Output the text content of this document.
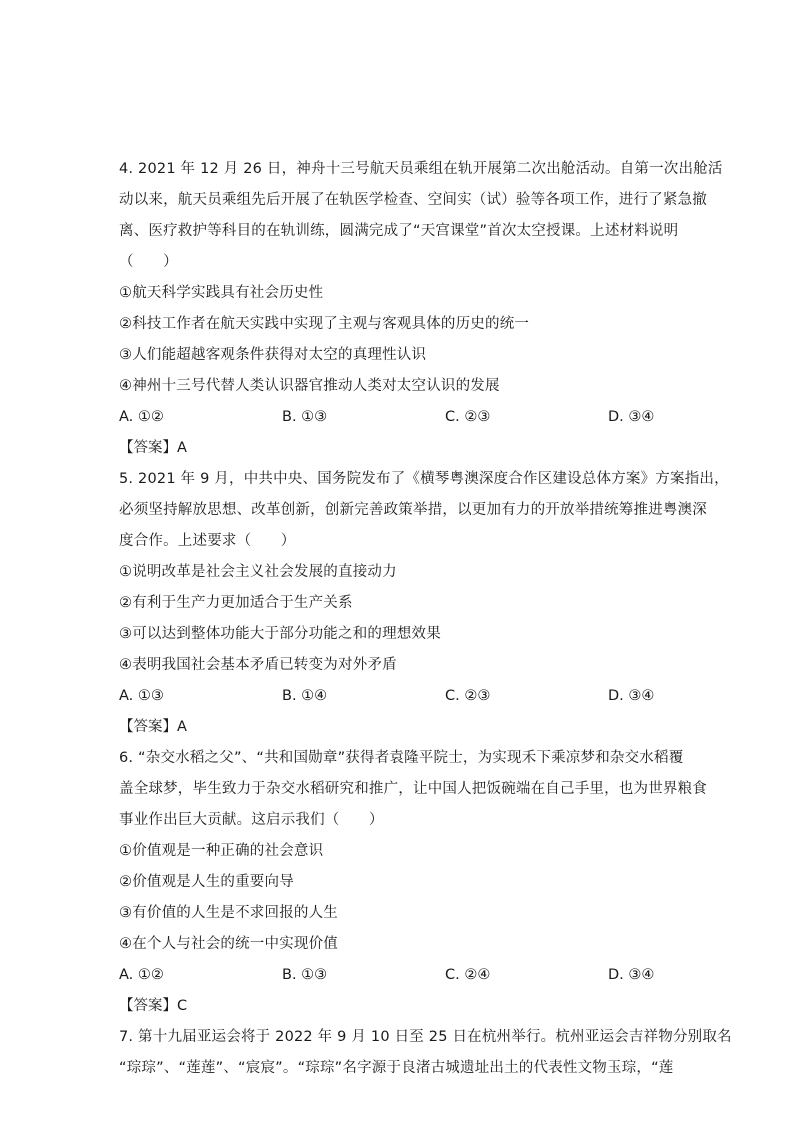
4. 2021 年 12 月 26 日，神舟十三号航天员乘组在轨开展第二次出舱活动。自第一次出舱活
动以来，航天员乘组先后开展了在轨医学检查、空间实（试）验等各项工作，进行了紧急撤
离、医疗救护等科目的在轨训练，圆满完成了“天宫课堂”首次太空授课。上述材料说明
（　　）
①航天科学实践具有社会历史性
②科技工作者在航天实践中实现了主观与客观具体的历史的统一
③人们能超越客观条件获得对太空的真理性认识
④神州十三号代替人类认识器官推动人类对太空认识的发展
A. ①②	B. ①③	C. ②③	D. ③④
【答案】A
5. 2021 年 9 月，中共中央、国务院发布了《横琴粤澳深度合作区建设总体方案》方案指出，
必须坚持解放思想、改革创新，创新完善政策举措，以更加有力的开放举措统筹推进粤澳深
度合作。上述要求（　　）
①说明改革是社会主义社会发展的直接动力
②有利于生产力更加适合于生产关系
③可以达到整体功能大于部分功能之和的理想效果
④表明我国社会基本矛盾已转变为对外矛盾
A. ①③	B. ①④	C. ②③	D. ③④
【答案】A
6. “杂交水稻之父”、“共和国勋章”获得者袁隆平院士，为实现禾下乘凉梦和杂交水稻覆
盖全球梦，毕生致力于杂交水稻研究和推广，让中国人把饭碗端在自己手里，也为世界粮食
事业作出巨大贡献。这启示我们（　　）
①价值观是一种正确的社会意识
②价值观是人生的重要向导
③有价值的人生是不求回报的人生
④在个人与社会的统一中实现价值
A. ①②	B. ①③	C. ②④	D. ③④
【答案】C
7. 第十九届亚运会将于 2022 年 9 月 10 日至 25 日在杭州举行。杭州亚运会吉祥物分别取名
“琮琮”、“莲莲”、“宸宸”。“琮琮”名字源于良渚古城遗址出土的代表性文物玉琮，“莲
